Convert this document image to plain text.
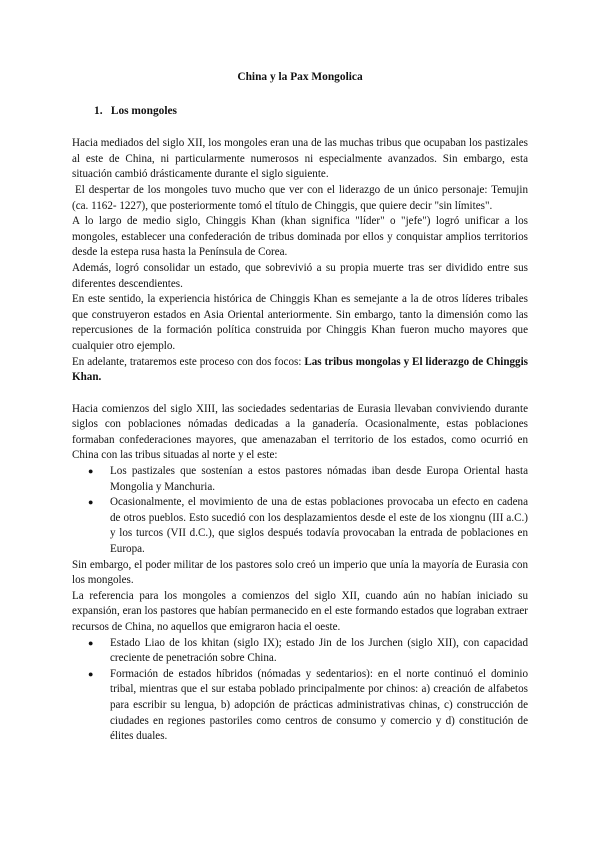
China y la Pax Mongolica
1. Los mongoles

Hacia mediados del siglo XII, los mongoles eran una de las muchas tribus que ocupaban los pastizales al este de China, ni particularmente numerosos ni especialmente avanzados. Sin embargo, esta situación cambió drásticamente durante el siglo siguiente.

El despertar de los mongoles tuvo mucho que ver con el liderazgo de un único personaje: Temujin (ca. 1162- 1227), que posteriormente tomó el título de Chinggis, que quiere decir "sin límites".

A lo largo de medio siglo, Chinggis Khan (khan significa "líder" o "jefe") logró unificar a los mongoles, establecer una confederación de tribus dominada por ellos y conquistar amplios territorios desde la estepa rusa hasta la Península de Corea.

Además, logró consolidar un estado, que sobrevivió a su propia muerte tras ser dividido entre sus diferentes descendientes.

En este sentido, la experiencia histórica de Chinggis Khan es semejante a la de otros líderes tribales que construyeron estados en Asia Oriental anteriormente. Sin embargo, tanto la dimensión como las repercusiones de la formación política construida por Chinggis Khan fueron mucho mayores que cualquier otro ejemplo.

En adelante, trataremos este proceso con dos focos: Las tribus mongolas y El liderazgo de Chinggis Khan.

Hacia comienzos del siglo XIII, las sociedades sedentarias de Eurasia llevaban conviviendo durante siglos con poblaciones nómadas dedicadas a la ganadería. Ocasionalmente, estas poblaciones formaban confederaciones mayores, que amenazaban el territorio de los estados, como ocurrió en China con las tribus situadas al norte y el este:

● Los pastizales que sostenían a estos pastores nómadas iban desde Europa Oriental hasta Mongolia y Manchuria.
● Ocasionalmente, el movimiento de una de estas poblaciones provocaba un efecto en cadena de otros pueblos. Esto sucedió con los desplazamientos desde el este de los xiongnu (III a.C.) y los turcos (VII d.C.), que siglos después todavía provocaban la entrada de poblaciones en Europa.

Sin embargo, el poder militar de los pastores solo creó un imperio que unía la mayoría de Eurasia con los mongoles.

La referencia para los mongoles a comienzos del siglo XII, cuando aún no habían iniciado su expansión, eran los pastores que habían permanecido en el este formando estados que lograban extraer recursos de China, no aquellos que emigraron hacia el oeste.

● Estado Liao de los khitan (siglo IX); estado Jin de los Jurchen (siglo XII), con capacidad creciente de penetración sobre China.
● Formación de estados híbridos (nómadas y sedentarios): en el norte continuó el dominio tribal, mientras que el sur estaba poblado principalmente por chinos: a) creación de alfabetos para escribir su lengua, b) adopción de prácticas administrativas chinas, c) construcción de ciudades en regiones pastoriles como centros de consumo y comercio y d) constitución de élites duales.
